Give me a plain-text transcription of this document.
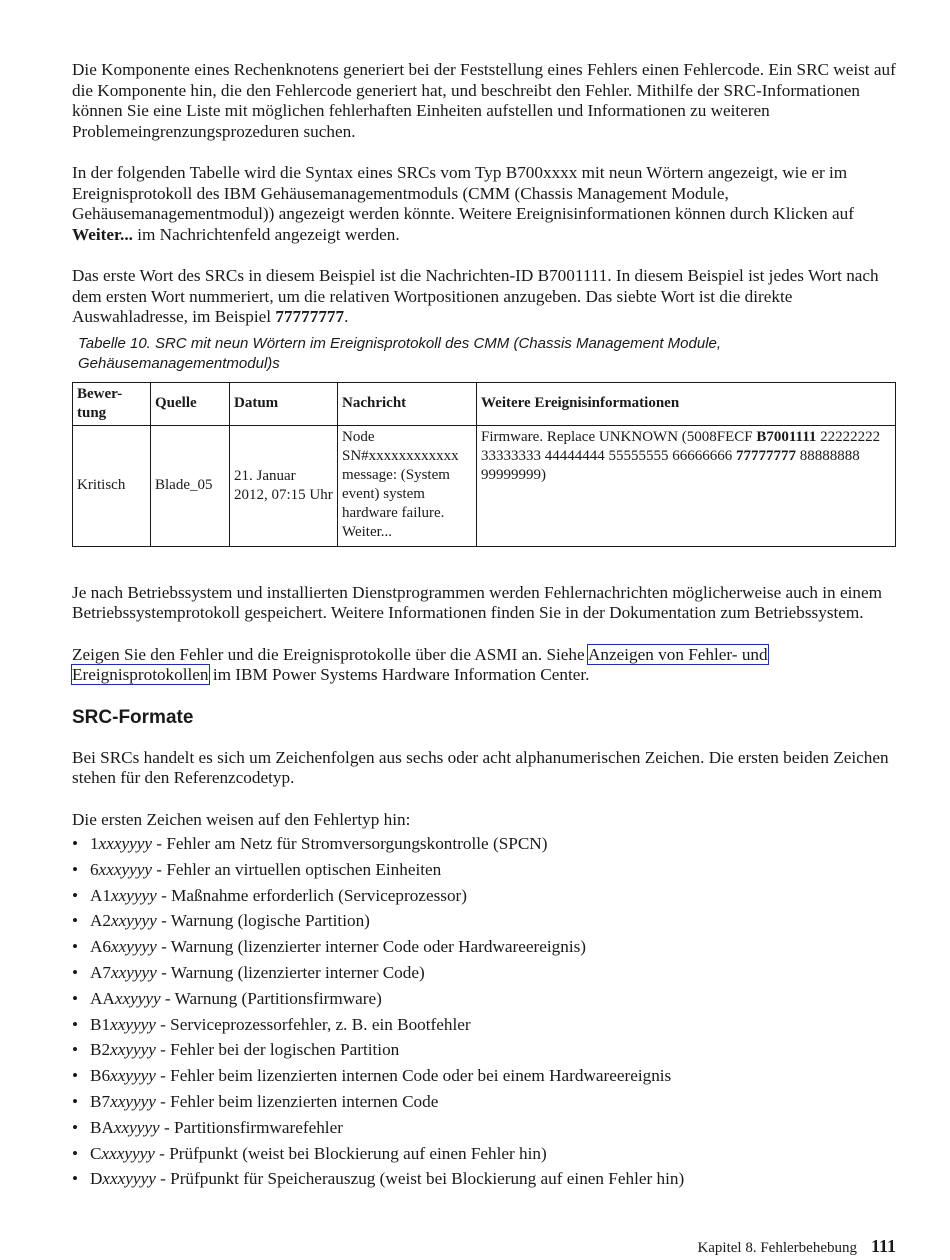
Die Komponente eines Rechenknotens generiert bei der Feststellung eines Fehlers einen Fehlercode. Ein SRC weist auf die Komponente hin, die den Fehlercode generiert hat, und beschreibt den Fehler. Mithilfe der SRC-Informationen können Sie eine Liste mit möglichen fehlerhaften Einheiten aufstellen und Informationen zu weiteren Problemeingrenzungsprozeduren suchen.

In der folgenden Tabelle wird die Syntax eines SRCs vom Typ B700xxxx mit neun Wörtern angezeigt, wie er im Ereignisprotokoll des IBM Gehäusemanagementmoduls (CMM (Chassis Management Module, Gehäusemanagementmodul)) angezeigt werden könnte. Weitere Ereignisinformationen können durch Klicken auf Weiter... im Nachrichtenfeld angezeigt werden.

Das erste Wort des SRCs in diesem Beispiel ist die Nachrichten-ID B7001111. In diesem Beispiel ist jedes Wort nach dem ersten Wort nummeriert, um die relativen Wortpositionen anzugeben. Das siebte Wort ist die direkte Auswahladresse, im Beispiel 77777777.

Tabelle 10. SRC mit neun Wörtern im Ereignisprotokoll des CMM (Chassis Management Module, Gehäusemanagementmodul)s
Bewer-
tung	Quelle	Datum	Nachricht	Weitere Ereignisinformationen
Kritisch	Blade_05	21. Januar 2012, 07:15 Uhr	Node SN#xxxxxxxxxxxx message: (System event) system hardware failure. Weiter...	Firmware. Replace UNKNOWN (5008FECF B7001111 22222222 33333333 44444444 55555555 66666666 77777777 88888888 99999999)

Je nach Betriebssystem und installierten Dienstprogrammen werden Fehlernachrichten möglicherweise auch in einem Betriebssystemprotokoll gespeichert. Weitere Informationen finden Sie in der Dokumentation zum Betriebssystem.

Zeigen Sie den Fehler und die Ereignisprotokolle über die ASMI an. Siehe Anzeigen von Fehler- und Ereignisprotokollen im IBM Power Systems Hardware Information Center.

SRC-Formate

Bei SRCs handelt es sich um Zeichenfolgen aus sechs oder acht alphanumerischen Zeichen. Die ersten beiden Zeichen stehen für den Referenzcodetyp.

Die ersten Zeichen weisen auf den Fehlertyp hin:

• 1xxxyyyy - Fehler am Netz für Stromversorgungskontrolle (SPCN)
• 6xxxyyyy - Fehler an virtuellen optischen Einheiten
• A1xxyyyy - Maßnahme erforderlich (Serviceprozessor)
• A2xxyyyy - Warnung (logische Partition)
• A6xxyyyy - Warnung (lizenzierter interner Code oder Hardwareereignis)
• A7xxyyyy - Warnung (lizenzierter interner Code)
• AAxxyyyy - Warnung (Partitionsfirmware)
• B1xxyyyy - Serviceprozessorfehler, z. B. ein Bootfehler
• B2xxyyyy - Fehler bei der logischen Partition
• B6xxyyyy - Fehler beim lizenzierten internen Code oder bei einem Hardwareereignis
• B7xxyyyy - Fehler beim lizenzierten internen Code
• BAxxyyyy - Partitionsfirmwarefehler
• Cxxxyyyy - Prüfpunkt (weist bei Blockierung auf einen Fehler hin)
• Dxxxyyyy - Prüfpunkt für Speicherauszug (weist bei Blockierung auf einen Fehler hin)
Kapitel 8. Fehlerbehebung 111
